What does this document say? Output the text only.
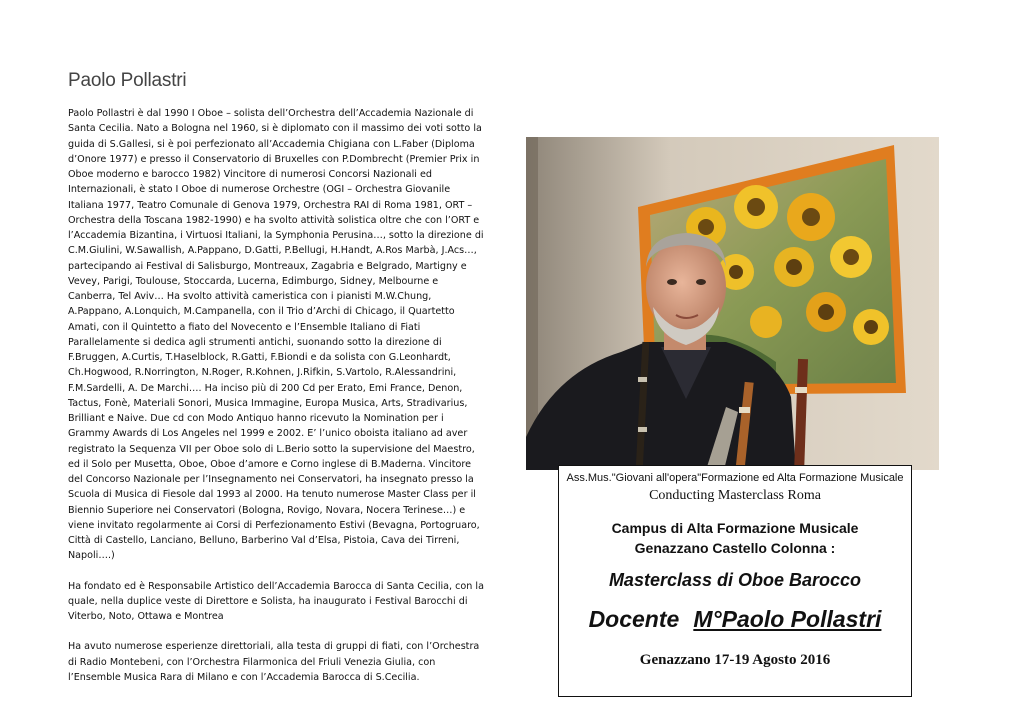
Paolo Pollastri

Paolo Pollastri è dal 1990 I Oboe – solista dell’Orchestra dell’Accademia Nazionale di Santa Cecilia. Nato a Bologna nel 1960, si è diplomato con il massimo dei voti sotto la guida di S.Gallesi, si è poi perfezionato all’Accademia Chigiana con L.Faber (Diploma d’Onore 1977) e presso il Conservatorio di Bruxelles con P.Dombrecht (Premier Prix in Oboe moderno e barocco 1982) Vincitore di numerosi Concorsi Nazionali ed Internazionali, è stato I Oboe di numerose Orchestre (OGI – Orchestra Giovanile Italiana 1977, Teatro Comunale di Genova 1979, Orchestra RAI di Roma 1981, ORT – Orchestra della Toscana 1982-1990) e ha svolto attività solistica oltre che con l’ORT e l’Accademia Bizantina, i Virtuosi Italiani, la Symphonia Perusina…, sotto la direzione di C.M.Giulini, W.Sawallish, A.Pappano, D.Gatti, P.Bellugi, H.Handt, A.Ros Marbà, J.Acs…, partecipando ai Festival di Salisburgo, Montreaux, Zagabria e Belgrado, Martigny e Vevey, Parigi, Toulouse, Stoccarda, Lucerna, Edimburgo, Sidney, Melbourne e Canberra, Tel Aviv… Ha svolto attività cameristica con i pianisti M.W.Chung, A.Pappano, A.Lonquich, M.Campanella, con il Trio d’Archi di Chicago, il Quartetto Amati, con il Quintetto a fiato del Novecento e l’Ensemble Italiano di Fiati Parallelamente si dedica agli strumenti antichi, suonando sotto la direzione di F.Bruggen, A.Curtis, T.Haselblock, R.Gatti, F.Biondi e da solista con G.Leonhardt, Ch.Hogwood, R.Norrington, N.Roger, R.Kohnen, J.Rifkin, S.Vartolo, R.Alessandrini, F.M.Sardelli, A. De Marchi…. Ha inciso più di 200 Cd per Erato, Emi France, Denon, Tactus, Fonè, Materiali Sonori, Musica Immagine, Europa Musica, Arts, Stradivarius, Brilliant e Naive. Due cd con Modo Antiquo hanno ricevuto la Nomination per i Grammy Awards di Los Angeles nel 1999 e 2002. E’ l’unico oboista italiano ad aver registrato la Sequenza VII per Oboe solo di L.Berio sotto la supervisione del Maestro, ed il Solo per Musetta, Oboe, Oboe d’amore e Corno inglese di B.Maderna. Vincitore del Concorso Nazionale per l’Insegnamento nei Conservatori, ha insegnato presso la Scuola di Musica di Fiesole dal 1993 al 2000. Ha tenuto numerose Master Class per il Biennio Superiore nei Conservatori (Bologna, Rovigo, Novara, Nocera Terinese…) e viene invitato regolarmente ai Corsi di Perfezionamento Estivi (Bevagna, Portogruaro, Città di Castello, Lanciano, Belluno, Barberino Val d’Elsa, Pistoia, Cava dei Tirreni, Napoli….)

Ha fondato ed è Responsabile Artistico dell’Accademia Barocca di Santa Cecilia, con la quale, nella duplice veste di Direttore e Solista, ha inaugurato i Festival Barocchi di Viterbo, Noto, Ottawa e Montrea

Ha avuto numerose esperienze direttoriali, alla testa di gruppi di fiati, con l’Orchestra di Radio Montebeni, con l’Orchestra Filarmonica del Friuli Venezia Giulia, con l’Ensemble Musica Rara di Milano e con l’Accademia Barocca di S.Cecilia.

Ass.Mus."Giovani all'opera"Formazione ed Alta Formazione Musicale
Conducting Masterclass Roma
Campus di Alta Formazione Musicale Genazzano Castello Colonna :
Masterclass di Oboe Barocco
Docente M°Paolo Pollastri
Genazzano 17-19 Agosto 2016
